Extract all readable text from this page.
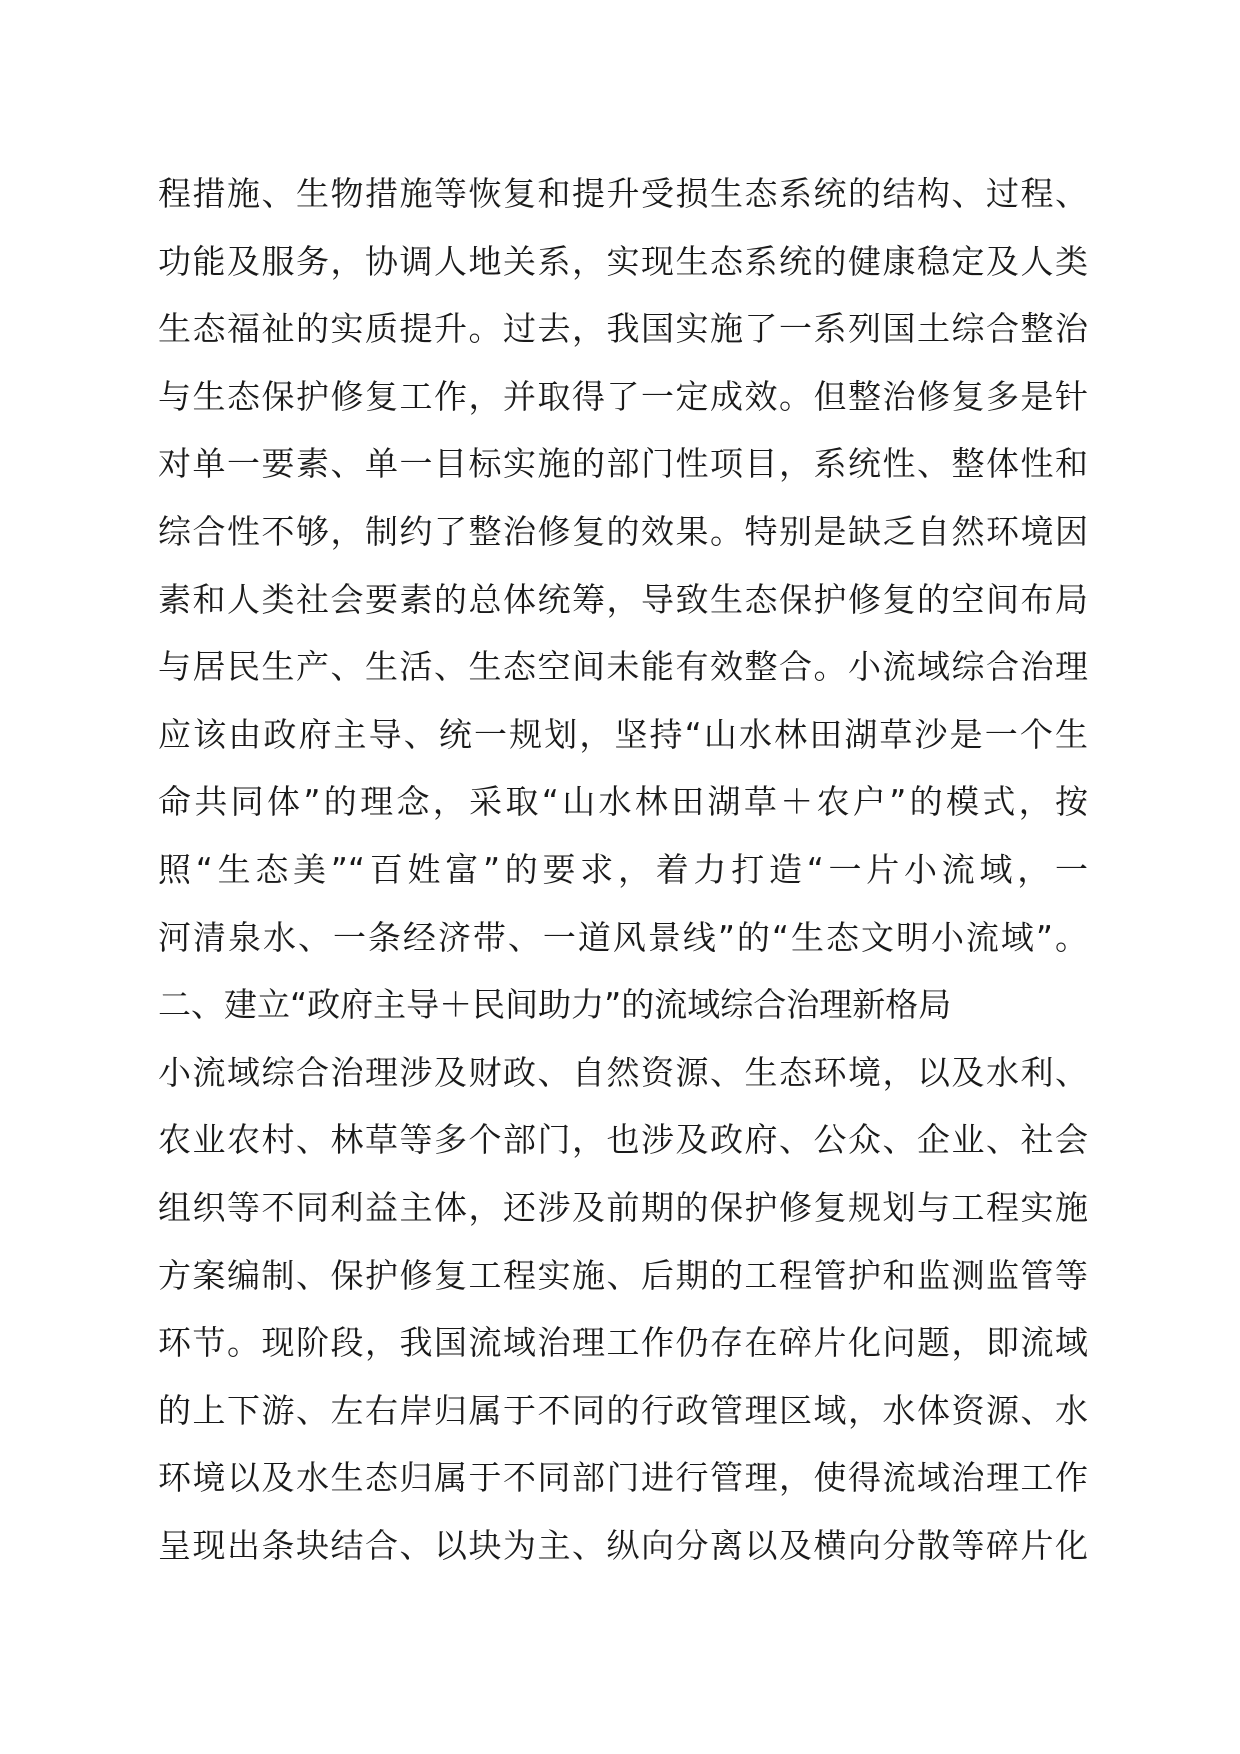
程措施、生物措施等恢复和提升受损生态系统的结构、过程、
功能及服务，协调人地关系，实现生态系统的健康稳定及人类
生态福祉的实质提升。过去，我国实施了一系列国土综合整治
与生态保护修复工作，并取得了一定成效。但整治修复多是针
对单一要素、单一目标实施的部门性项目，系统性、整体性和
综合性不够，制约了整治修复的效果。特别是缺乏自然环境因
素和人类社会要素的总体统筹，导致生态保护修复的空间布局
与居民生产、生活、生态空间未能有效整合。小流域综合治理
应该由政府主导、统一规划，坚持“山水林田湖草沙是一个生
命共同体”的理念，采取“山水林田湖草＋农户”的模式，按
照“生态美”“百姓富”的要求，着力打造“一片小流域，一
河清泉水、一条经济带、一道风景线”的“生态文明小流域”。
二、建立“政府主导＋民间助力”的流域综合治理新格局
小流域综合治理涉及财政、自然资源、生态环境，以及水利、
农业农村、林草等多个部门，也涉及政府、公众、企业、社会
组织等不同利益主体，还涉及前期的保护修复规划与工程实施
方案编制、保护修复工程实施、后期的工程管护和监测监管等
环节。现阶段，我国流域治理工作仍存在碎片化问题，即流域
的上下游、左右岸归属于不同的行政管理区域，水体资源、水
环境以及水生态归属于不同部门进行管理，使得流域治理工作
呈现出条块结合、以块为主、纵向分离以及横向分散等碎片化
